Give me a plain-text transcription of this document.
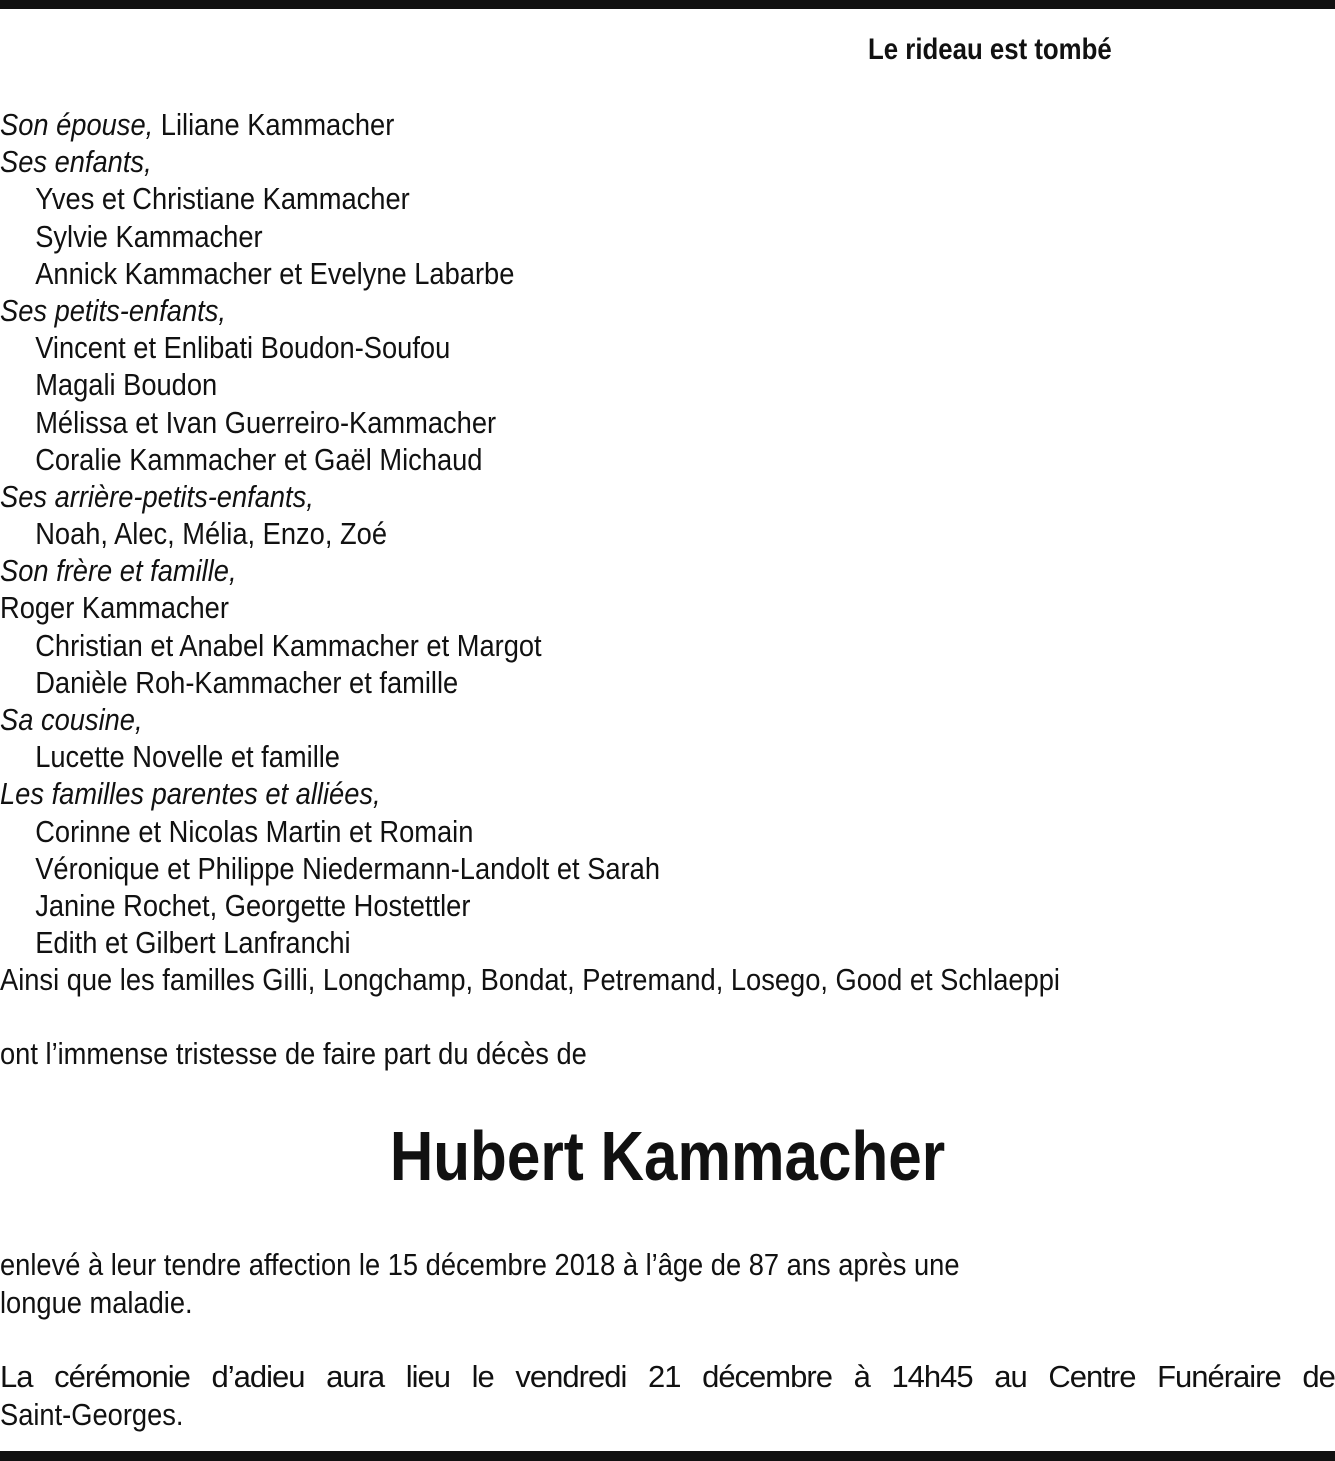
Le rideau est tombé
Son épouse, Liliane Kammacher
Ses enfants,
Yves et Christiane Kammacher
Sylvie Kammacher
Annick Kammacher et Evelyne Labarbe
Ses petits-enfants,
Vincent et Enlibati Boudon-Soufou
Magali Boudon
Mélissa et Ivan Guerreiro-Kammacher
Coralie Kammacher et Gaël Michaud
Ses arrière-petits-enfants,
Noah, Alec, Mélia, Enzo, Zoé
Son frère et famille,
Roger Kammacher
Christian et Anabel Kammacher et Margot
Danièle Roh-Kammacher et famille
Sa cousine,
Lucette Novelle et famille
Les familles parentes et alliées,
Corinne et Nicolas Martin et Romain
Véronique et Philippe Niedermann-Landolt et Sarah
Janine Rochet, Georgette Hostettler
Edith et Gilbert Lanfranchi
Ainsi que les familles Gilli, Longchamp, Bondat, Petremand, Losego, Good et Schlaeppi
ont l’immense tristesse de faire part du décès de
Hubert Kammacher
enlevé à leur tendre affection le 15 décembre 2018 à l’âge de 87 ans après une
longue maladie.
La cérémonie d’adieu aura lieu le vendredi 21 décembre à 14h45 au Centre Funéraire de
Saint-Georges.
